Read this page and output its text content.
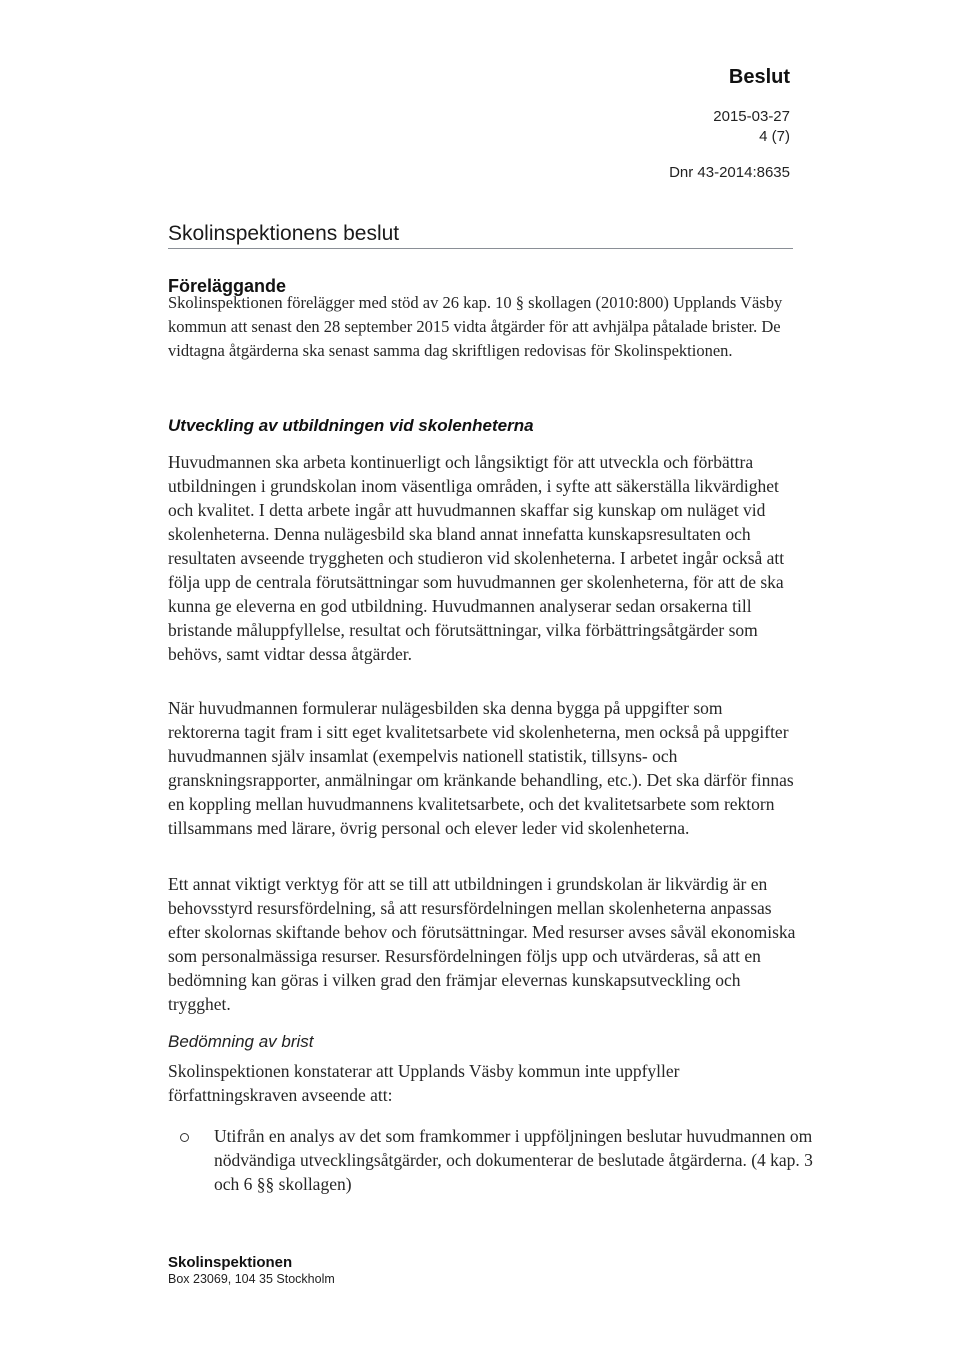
Beslut
2015-03-27
4 (7)
Dnr 43-2014:8635
Skolinspektionens beslut
Föreläggande

Skolinspektionen förelägger med stöd av 26 kap. 10 § skollagen (2010:800) Upplands Väsby kommun att senast den 28 september 2015 vidta åtgärder för att avhjälpa påtalade brister. De vidtagna åtgärderna ska senast samma dag skriftligen redovisas för Skolinspektionen.

Utveckling av utbildningen vid skolenheterna

Huvudmannen ska arbeta kontinuerligt och långsiktigt för att utveckla och förbättra utbildningen i grundskolan inom väsentliga områden, i syfte att säkerställa likvärdighet och kvalitet. I detta arbete ingår att huvudmannen skaffar sig kunskap om nuläget vid skolenheterna. Denna nulägesbild ska bland annat innefatta kunskapsresultaten och resultaten avseende tryggheten och studieron vid skolenheterna. I arbetet ingår också att följa upp de centrala förutsättningar som huvudmannen ger skolenheterna, för att de ska kunna ge eleverna en god utbildning. Huvudmannen analyserar sedan orsakerna till bristande måluppfyllelse, resultat och förutsättningar, vilka förbättringsåtgärder som behövs, samt vidtar dessa åtgärder.

När huvudmannen formulerar nulägesbilden ska denna bygga på uppgifter som rektorerna tagit fram i sitt eget kvalitetsarbete vid skolenheterna, men också på uppgifter huvudmannen själv insamlat (exempelvis nationell statistik, tillsyns- och granskningsrapporter, anmälningar om kränkande behandling, etc.). Det ska därför finnas en koppling mellan huvudmannens kvalitetsarbete, och det kvalitetsarbete som rektorn tillsammans med lärare, övrig personal och elever leder vid skolenheterna.

Ett annat viktigt verktyg för att se till att utbildningen i grundskolan är likvärdig är en behovsstyrd resursfördelning, så att resursfördelningen mellan skolenheterna anpassas efter skolornas skiftande behov och förutsättningar. Med resurser avses såväl ekonomiska som personalmässiga resurser. Resursfördelningen följs upp och utvärderas, så att en bedömning kan göras i vilken grad den främjar elevernas kunskapsutveckling och trygghet.

Bedömning av brist

Skolinspektionen konstaterar att Upplands Väsby kommun inte uppfyller författningskraven avseende att:

Utifrån en analys av det som framkommer i uppföljningen beslutar huvudmannen om nödvändiga utvecklingsåtgärder, och dokumenterar de beslutade åtgärderna. (4 kap. 3 och 6 §§ skollagen)

Skolinspektionen
Box 23069, 104 35 Stockholm
